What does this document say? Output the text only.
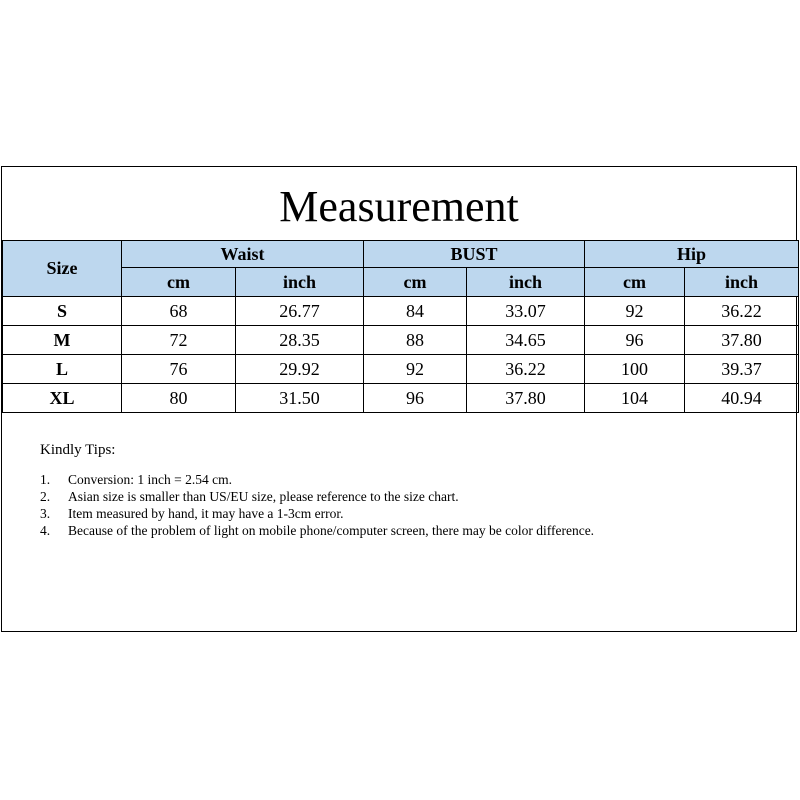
Measurement
Size	Waist		BUST		Hip	
	cm	inch	cm	inch	cm	inch
S	68	26.77	84	33.07	92	36.22
M	72	28.35	88	34.65	96	37.80
L	76	29.92	92	36.22	100	39.37
XL	80	31.50	96	37.80	104	40.94
Kindly Tips:
1.	Conversion: 1 inch = 2.54 cm.
2.	Asian size is smaller than US/EU size, please reference to the size chart.
3.	Item measured by hand, it may have a 1-3cm error.
4.	Because of the problem of light on mobile phone/computer screen, there may be color difference.
